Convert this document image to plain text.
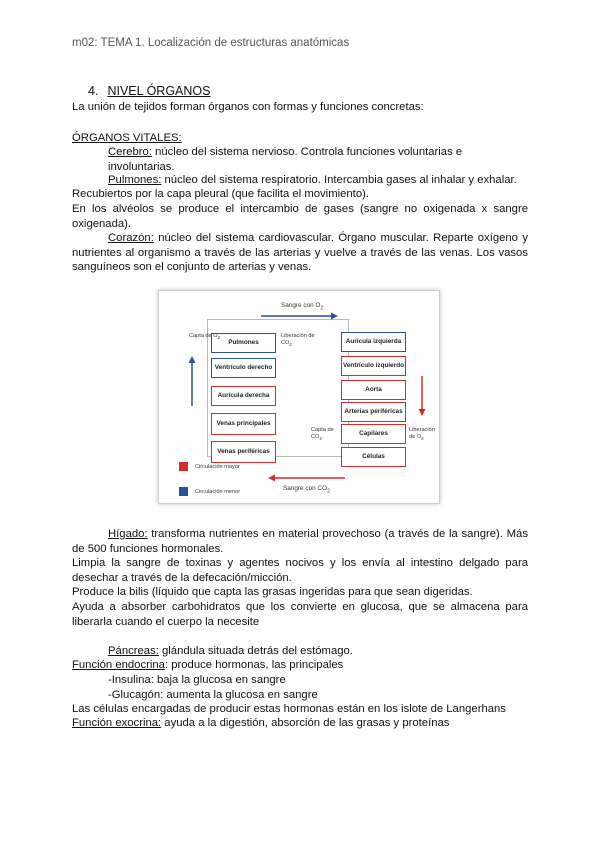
m02: TEMA 1. Localización de estructuras anatómicas
4. NIVEL ÓRGANOS

La unión de tejidos forman órganos con formas y funciones concretas:

ÓRGANOS VITALES:

Cerebro: núcleo del sistema nervioso. Controla funciones voluntarias e involuntarias.

Pulmones: núcleo del sistema respiratorio. Intercambia gases al inhalar y exhalar.

Recubiertos por la capa pleural (que facilita el movimiento).

En los alvéolos se produce el intercambio de gases (sangre no oxigenada x sangre oxigenada).

Corazón: núcleo del sistema cardiovascular. Órgano muscular. Reparte oxígeno y nutrientes al organismo a través de las arterias y vuelve a través de las venas. Los vasos sanguíneos son el conjunto de arterias y venas.

Sangre con $O_2$
Pulmones
Ventrículo derecho
Aurícula derecha
Venas principales
Venas periféricas
Aurícula izquierda
Ventrículo izquierdo
Aorta
Arterias periféricas
Capilares
Células
Capta de $O_2$	Liberación de $CO_2$
Capta de $CO_2$
Liberación de $O_2$
Sangre con $CO_2$
Circulación mayor
Circulación menor

Hígado: transforma nutrientes en material provechoso (a través de la sangre). Más de 500 funciones hormonales.

Limpia la sangre de toxinas y agentes nocivos y los envía al intestino delgado para desechar a través de la defecación/micción.

Produce la bilis (líquido que capta las grasas ingeridas para que sean digeridas.

Ayuda a absorber carbohidratos que los convierte en glucosa, que se almacena para liberarla cuando el cuerpo la necesite

Páncreas: glándula situada detrás del estómago.

Función endocrina: produce hormonas, las principales

-Insulina: baja la glucosa en sangre

-Glucagón: aumenta la glucosa en sangre

Las células encargadas de producir estas hormonas están en los islote de Langerhans

Función exocrina: ayuda a la digestión, absorción de las grasas y proteínas
